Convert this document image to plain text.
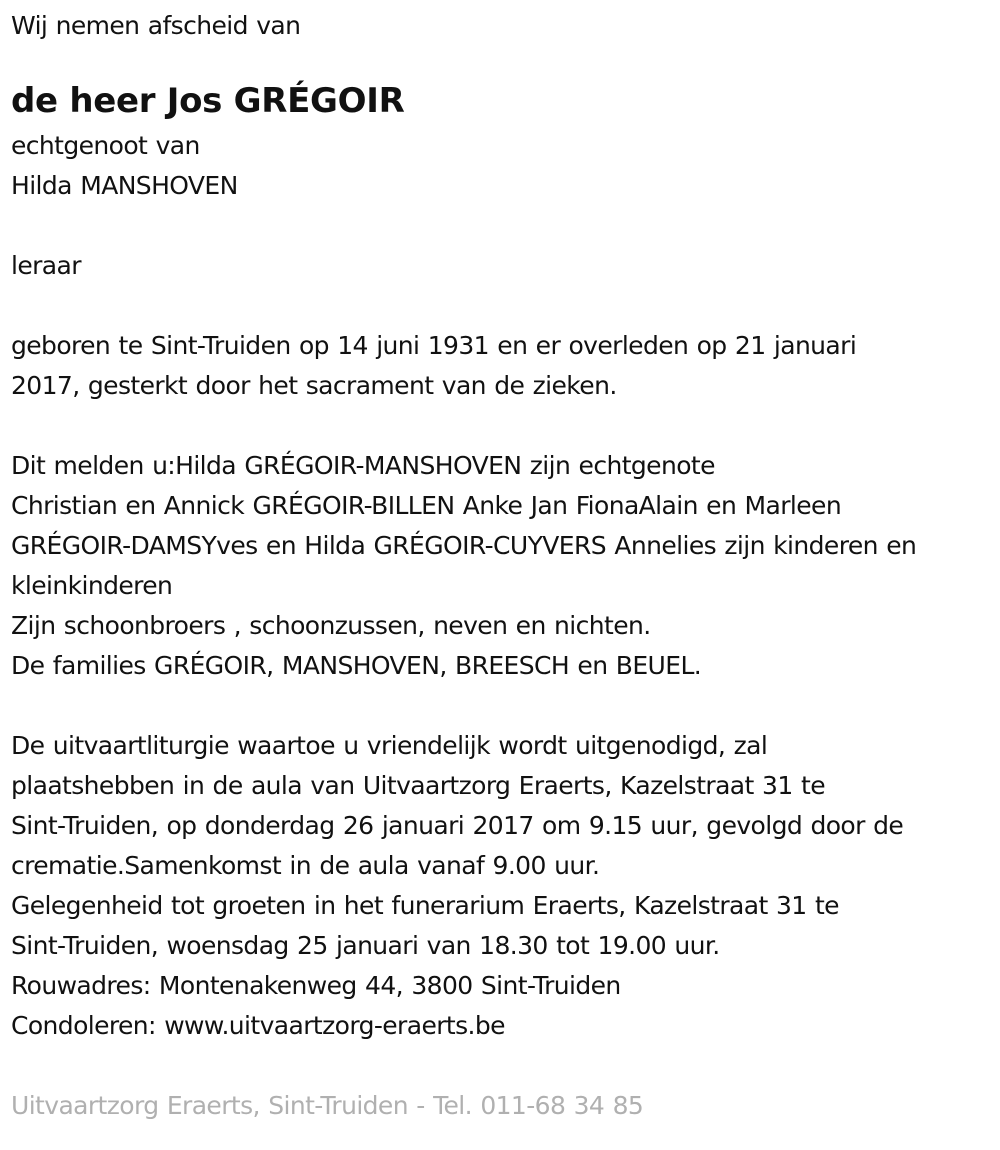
Wij nemen afscheid van
de heer Jos GRÉGOIR
echtgenoot van
Hilda MANSHOVEN
leraar
geboren te Sint-Truiden op 14 juni 1931 en er overleden op 21 januari
2017, gesterkt door het sacrament van de zieken.
Dit melden u:Hilda GRÉGOIR-MANSHOVEN zijn echtgenote
Christian en Annick GRÉGOIR-BILLEN Anke Jan FionaAlain en Marleen
GRÉGOIR-DAMSYves en Hilda GRÉGOIR-CUYVERS Annelies zijn kinderen en
kleinkinderen
Zijn schoonbroers , schoonzussen, neven en nichten.
De families GRÉGOIR, MANSHOVEN, BREESCH en BEUEL.
De uitvaartliturgie waartoe u vriendelijk wordt uitgenodigd, zal
plaatshebben in de aula van Uitvaartzorg Eraerts, Kazelstraat 31 te
Sint-Truiden, op donderdag 26 januari 2017 om 9.15 uur, gevolgd door de
crematie.Samenkomst in de aula vanaf 9.00 uur.
Gelegenheid tot groeten in het funerarium Eraerts, Kazelstraat 31 te
Sint-Truiden, woensdag 25 januari van 18.30 tot 19.00 uur.
Rouwadres: Montenakenweg 44, 3800 Sint-Truiden
Condoleren: www.uitvaartzorg-eraerts.be
Uitvaartzorg Eraerts, Sint-Truiden - Tel. 011-68 34 85
